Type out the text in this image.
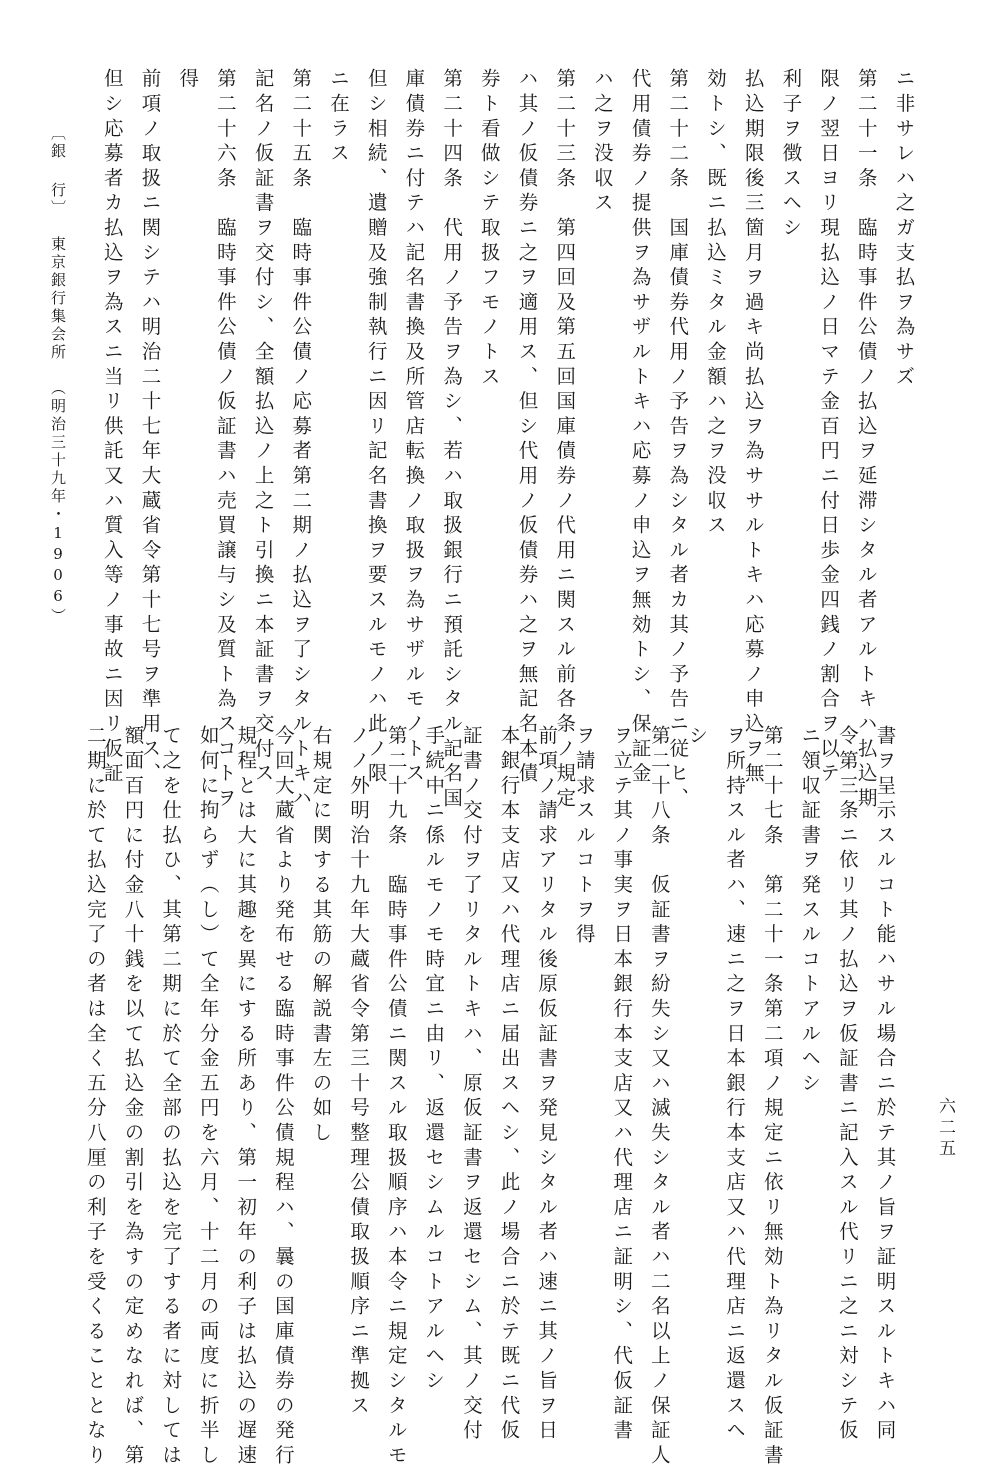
ニ非サレハ之ガ支払ヲ為サズ
第二十一条　臨時事件公債ノ払込ヲ延滞シタル者アルトキハ払込期
限ノ翌日ヨリ現払込ノ日マテ金百円ニ付日歩金四銭ノ割合ヲ以テ
利子ヲ徴スヘシ
払込期限後三箇月ヲ過キ尚払込ヲ為ササルトキハ応募ノ申込ヲ無
効トシ、既ニ払込ミタル金額ハ之ヲ没収ス
第二十二条　国庫債券代用ノ予告ヲ為シタル者カ其ノ予告ニ従ヒ、
代用債券ノ提供ヲ為サザルトキハ応募ノ申込ヲ無効トシ、保証金
ハ之ヲ没収ス
第二十三条　第四回及第五回国庫債券ノ代用ニ関スル前各条ノ規定
ハ其ノ仮債券ニ之ヲ適用ス、但シ代用ノ仮債券ハ之ヲ無記名本債
券ト看做シテ取扱フモノトス
第二十四条　代用ノ予告ヲ為シ、若ハ取扱銀行ニ預託シタル記名国
庫債券ニ付テハ記名書換及所管店転換ノ取扱ヲ為サザルモノトス
但シ相続、遺贈及強制執行ニ因リ記名書換ヲ要スルモノハ此ノ限
ニ在ラス
第二十五条　臨時事件公債ノ応募者第二期ノ払込ヲ了シタルトキハ
記名ノ仮証書ヲ交付シ、全額払込ノ上之ト引換ニ本証書ヲ交付ス
第二十六条　臨時事件公債ノ仮証書ハ売買譲与シ及質ト為スコトヲ
得
前項ノ取扱ニ関シテハ明治二十七年大蔵省令第十七号ヲ準用ス、
但シ応募者カ払込ヲ為スニ当リ供託又ハ質入等ノ事故ニ因リ仮証
書ヲ呈示スルコト能ハサル場合ニ於テ其ノ旨ヲ証明スルトキハ同
令第三条ニ依リ其ノ払込ヲ仮証書ニ記入スル代リニ之ニ対シテ仮
ニ領収証書ヲ発スルコトアルヘシ
第二十七条　第二十一条第二項ノ規定ニ依リ無効ト為リタル仮証書
ヲ所持スル者ハ、速ニ之ヲ日本銀行本支店又ハ代理店ニ返還スヘ
シ
第二十八条　仮証書ヲ紛失シ又ハ滅失シタル者ハ二名以上ノ保証人
ヲ立テ其ノ事実ヲ日本銀行本支店又ハ代理店ニ証明シ、代仮証書
ヲ請求スルコトヲ得
前項ノ請求アリタル後原仮証書ヲ発見シタル者ハ速ニ其ノ旨ヲ日
本銀行本支店又ハ代理店ニ届出スヘシ、此ノ場合ニ於テ既ニ代仮
証書ノ交付ヲ了リタルトキハ、原仮証書ヲ返還セシム、其ノ交付
手続中ニ係ルモノモ時宜ニ由リ、返還セシムルコトアルヘシ
第二十九条　臨時事件公債ニ関スル取扱順序ハ本令ニ規定シタルモ
ノノ外明治十九年大蔵省令第三十号整理公債取扱順序ニ準拠ス
右規定に関する其筋の解説書左の如し
今回大蔵省より発布せる臨時事件公債規程ハ、曩の国庫債券の発行
規程とは大に其趣を異にする所あり、第一初年の利子は払込の遅速
如何に拘らず（し）て全年分金五円を六月、十二月の両度に折半し
て之を仕払ひ、其第二期に於て全部の払込を完了する者に対しては
額面百円に付金八十銭を以て払込金の割引を為すの定めなれば、第
二期に於て払込完了の者は全く五分八厘の利子を受くることとなり
〔銀 行〕東京銀行集会所（明治三十九年・1906）
六二五
